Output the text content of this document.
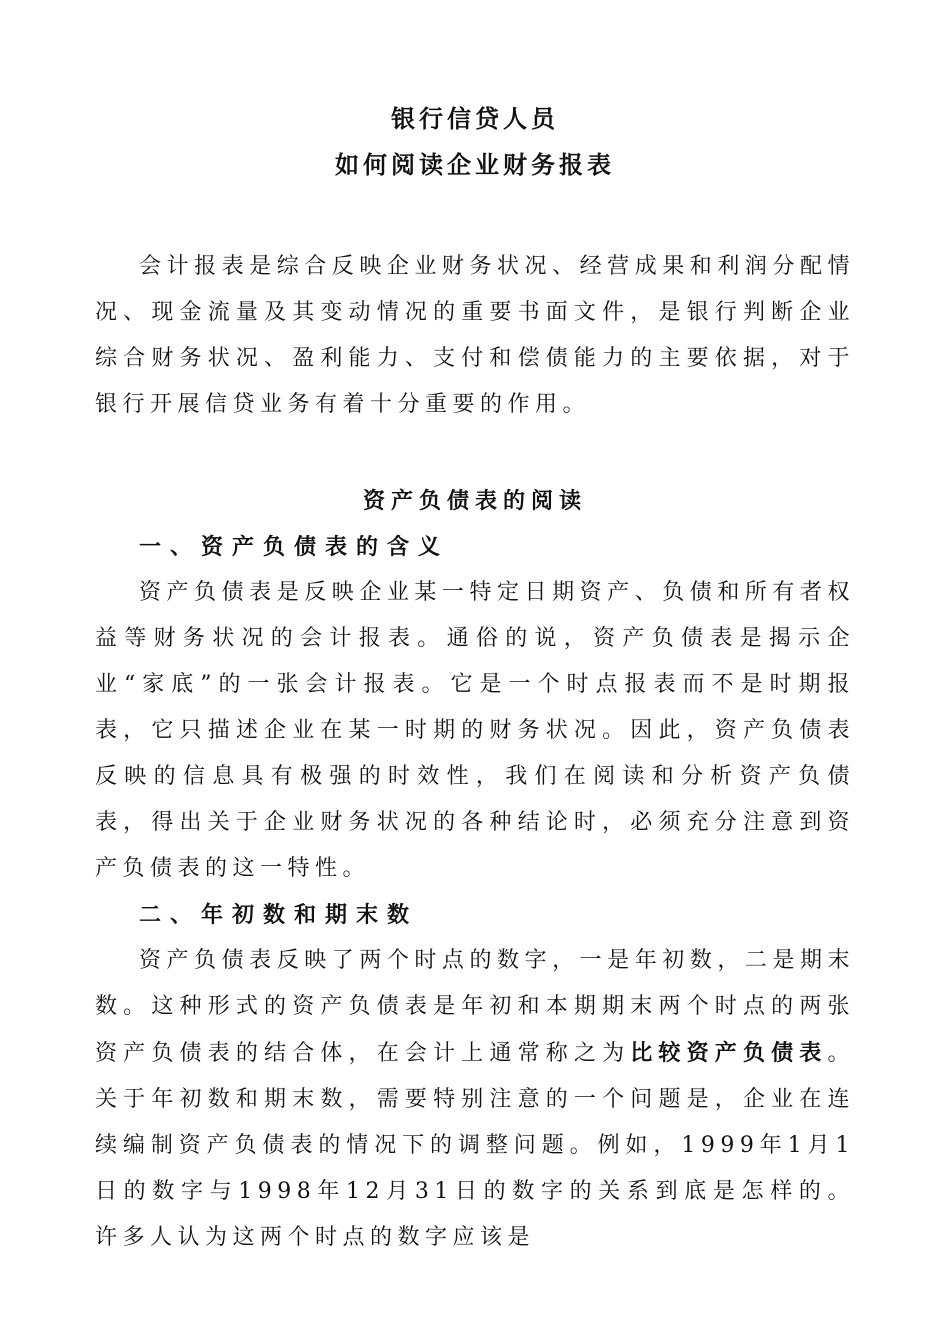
银行信贷人员
如何阅读企业财务报表

会计报表是综合反映企业财务状况、经营成果和利润分配情况、现金流量及其变动情况的重要书面文件，是银行判断企业综合财务状况、盈利能力、支付和偿债能力的主要依据，对于银行开展信贷业务有着十分重要的作用。

资产负债表的阅读
一、资产负债表的含义

资产负债表是反映企业某一特定日期资产、负债和所有者权益等财务状况的会计报表。通俗的说，资产负债表是揭示企业“家底”的一张会计报表。它是一个时点报表而不是时期报表，它只描述企业在某一时期的财务状况。因此，资产负债表反映的信息具有极强的时效性，我们在阅读和分析资产负债表，得出关于企业财务状况的各种结论时，必须充分注意到资产负债表的这一特性。

二、年初数和期末数

资产负债表反映了两个时点的数字，一是年初数，二是期末数。这种形式的资产负债表是年初和本期期末两个时点的两张资产负债表的结合体，在会计上通常称之为比较资产负债表。关于年初数和期末数，需要特别注意的一个问题是，企业在连续编制资产负债表的情况下的调整问题。例如，1999年1月1日的数字与1998年12月31日的数字的关系到底是怎样的。许多人认为这两个时点的数字应该是
